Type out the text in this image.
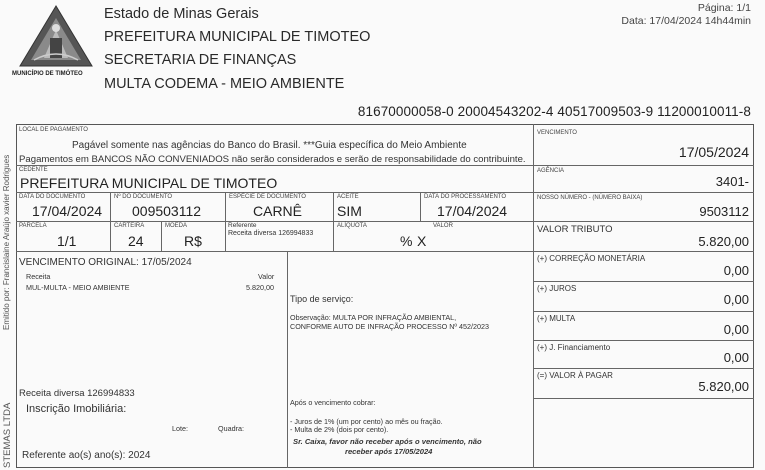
MUNICÍPIO DE TIMÓTEO
Estado de Minas Gerais
PREFEITURA MUNICIPAL DE TIMOTEO
SECRETARIA DE FINANÇAS
MULTA CODEMA - MEIO AMBIENTE
Página: 1/1
Data: 17/04/2024 14h44min
81670000058-0 20004543202-4 40517009503-9 11200010011-8
Emitido por: Francislaine Araújo xavier Rodrigues
STEMAS LTDA
LOCAL DE PAGAMENTO
Pagável somente nas agências do Banco do Brasil. ***Guia específica do Meio Ambiente
Pagamentos em BANCOS NÃO CONVENIADOS não serão considerados e serão de responsabilidade do contribuinte.
CEDENTE
PREFEITURA MUNICIPAL DE TIMOTEO
DATA DO DOCUMENTO
17/04/2024
Nº DO DOCUMENTO
009503112
ESPÉCIE DE DOCUMENTO
CARNÊ
ACEITE
SIM
DATA DO PROCESSAMENTO
17/04/2024
PARCELA
1/1
CARTEIRA
24
MOEDA
R$
Referente
Receita diversa 126994833
ALÍQUOTA
%
VALOR
X
VENCIMENTO
17/05/2024
AGÊNCIA
3401-
NOSSO NÚMERO - (NÚMERO BAIXA)
9503112
VALOR TRIBUTO
5.820,00
(+) CORREÇÃO MONETÁRIA
0,00
(+) JUROS
0,00
(+) MULTA
0,00
(+) J. Financiamento
0,00
(=) VALOR À PAGAR
5.820,00
VENCIMENTO ORIGINAL: 17/05/2024
Receita	Valor
MUL-MULTA - MEIO AMBIENTE	5.820,00
Receita diversa 126994833
Inscrição Imobiliária:
Lote:	Quadra:
Referente ao(s) ano(s): 2024
Tipo de serviço:
Observação: MULTA POR INFRAÇÃO AMBIENTAL,
CONFORME AUTO DE INFRAÇÃO PROCESSO Nº 452/2023
Após o vencimento cobrar:
- Juros de 1% (um por cento) ao mês ou fração.
- Multa de 2% (dois por cento).
Sr. Caixa, favor não receber após o vencimento, não
receber após 17/05/2024
